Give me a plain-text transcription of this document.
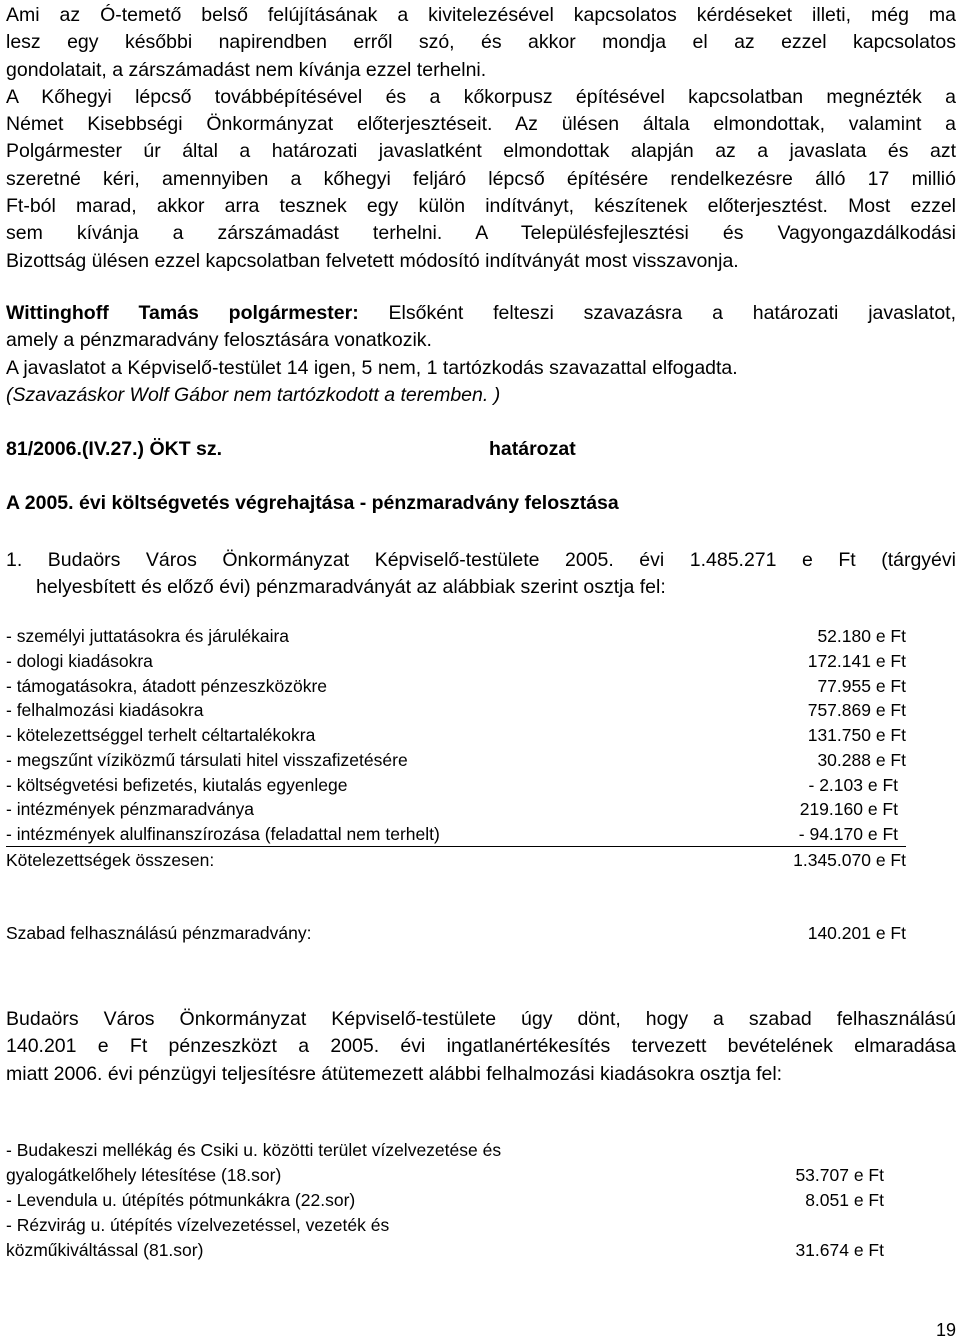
Ami az Ó-temető belső felújításának a kivitelezésével kapcsolatos kérdéseket illeti, még ma
lesz egy későbbi napirendben erről szó, és akkor mondja el az ezzel kapcsolatos
gondolatait, a zárszámadást nem kívánja ezzel terhelni.
A Kőhegyi lépcső továbbépítésével és a kőkorpusz építésével kapcsolatban megnézték a
Német Kisebbségi Önkormányzat előterjesztéseit. Az ülésen általa elmondottak, valamint a
Polgármester úr által a határozati javaslatként elmondottak alapján az a javaslata és azt
szeretné kéri, amennyiben a kőhegyi feljáró lépcső építésére rendelkezésre álló 17 millió
Ft-ból marad, akkor arra tesznek egy külön indítványt, készítenek előterjesztést. Most ezzel
sem kívánja a zárszámadást terhelni. A Településfejlesztési és Vagyongazdálkodási
Bizottság ülésen ezzel kapcsolatban felvetett módosító indítványát most visszavonja.
Wittinghoff Tamás polgármester: Elsőként felteszi szavazásra a határozati javaslatot,
amely a pénzmaradvány felosztására vonatkozik.
A javaslatot a Képviselő-testület 14 igen, 5 nem, 1 tartózkodás szavazattal elfogadta.
(Szavazáskor Wolf Gábor nem tartózkodott a teremben. )
81/2006.(IV.27.) ÖKT sz.	határozat
A 2005. évi költségvetés végrehajtása - pénzmaradvány felosztása
1. Budaörs Város Önkormányzat Képviselő-testülete 2005. évi 1.485.271 e Ft (tárgyévi
helyesbített és előző évi) pénzmaradványát az alábbiak szerint osztja fel:
- személyi juttatásokra és járulékaira	52.180 e Ft
- dologi kiadásokra	172.141 e Ft
- támogatásokra, átadott pénzeszközökre	77.955 e Ft
- felhalmozási kiadásokra	757.869 e Ft
- kötelezettséggel terhelt céltartalékokra	131.750 e Ft
- megszűnt víziközmű társulati hitel visszafizetésére	30.288 e Ft
- költségvetési befizetés, kiutalás egyenlege	- 2.103 e Ft
- intézmények pénzmaradványa	219.160 e Ft
- intézmények alulfinanszírozása (feladattal nem terhelt)	- 94.170 e Ft
Kötelezettségek összesen:	1.345.070 e Ft
Szabad felhasználású pénzmaradvány:	140.201 e Ft
Budaörs Város Önkormányzat Képviselő-testülete úgy dönt, hogy a szabad felhasználású
140.201 e Ft pénzeszközt a 2005. évi ingatlanértékesítés tervezett bevételének elmaradása
miatt 2006. évi pénzügyi teljesítésre átütemezett alábbi felhalmozási kiadásokra osztja fel:
- Budakeszi mellékág és Csiki u. közötti terület vízelvezetése és
gyalogátkelőhely létesítése (18.sor)	53.707 e Ft
- Levendula u. útépítés pótmunkákra (22.sor)	8.051 e Ft
- Rézvirág u. útépítés vízelvezetéssel, vezeték és
közműkiváltással (81.sor)	31.674 e Ft
19
